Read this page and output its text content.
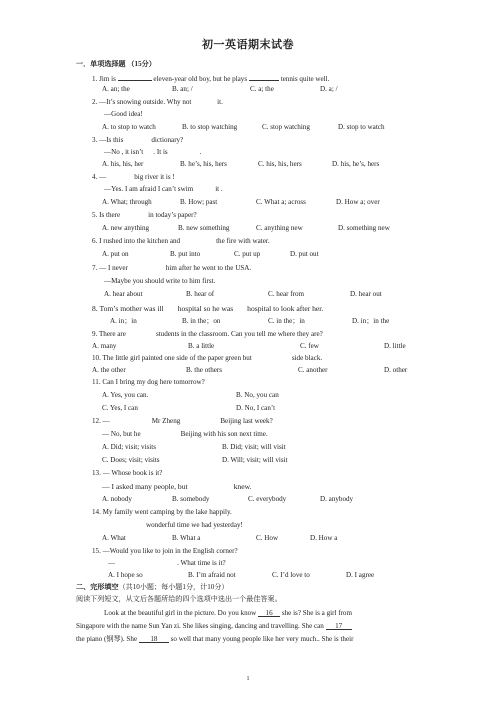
初一英语期末试卷
一．单项选择题 （15分）
1. Jim is	eleven-year old boy, but he plays	tennis quite well.
A. an; the	B. an; /	C. a; the	D. a; /
2. —It’s snowing outside. Why not	it.
—Good idea!
A. to stop to watch	B. to stop watching	C. stop watching	D. stop to watch
3. —Is this	dictionary?
—No , it isn’t . It is	.
A. his, his, her	B. he’s, his, hers	C. his, his, hers	D. his, he’s, hers
4. —	big river it is !
—Yes. I am afraid I can’t swim	it .
A. What; through	B. How; past	C. What a; across	D. How a; over
5. Is there	in today’s paper?
A. new anything	B. new something	C. anything new	D. something new
6. I rushed into the kitchen and	the fire with water.
A. put on	B. put into	C. put up	D. put out
7. — I never	him after he went to the USA.
—Maybe you should write to him first.
A. hear about	B. hear of	C. hear from	D. hear out
8. Tom’s mother was ill hospital so he was hospital to look after her.
A. in；in	B. in the；on	C. in the；in	D. in；in the
9. There are	students in the classroom. Can you tell me where they are?
A. many	B. a little	C. few	D. little
10. The little girl painted one side of the paper green but	side black.
A. the other	B. the others	C. another	D. other
11. Can I bring my dog here tomorrow?
A. Yes, you can.	B. No, you can
C. Yes, I can	D. No, I can’t
12. —	Mr Zheng	Beijing last week?
— No, but he	Beijing with his son next time.
A. Did; visit; visits	B. Did; visit; will visit
C. Does; visit; visits	D. Will; visit; will visit
13. — Whose book is it?
— I asked many people, but	knew.
A. nobody	B. somebody	C. everybody	D. anybody
14. My family went camping by the lake happily.
wonderful time we had yesterday!
A. What	B. What a	C. How	D. How a
15. —Would you like to join in the English corner?
—	. What time is it?
A. I hope so	B. I’m afraid not	C. I’d love to	D. I agree
二、完形填空（共10小题；每小题1分，计10分）
阅读下列短文，从文后各题所给的四个选项中选出一个最佳答案。
Look at the beautiful girl in the picture. Do you know 16 she is? She is a girl from
Singapore with the name Sun Yan zi. She likes singing, dancing and travelling. She can 17
the piano (钢琴). She 18 so well that many young people like her very much.. She is their
1
